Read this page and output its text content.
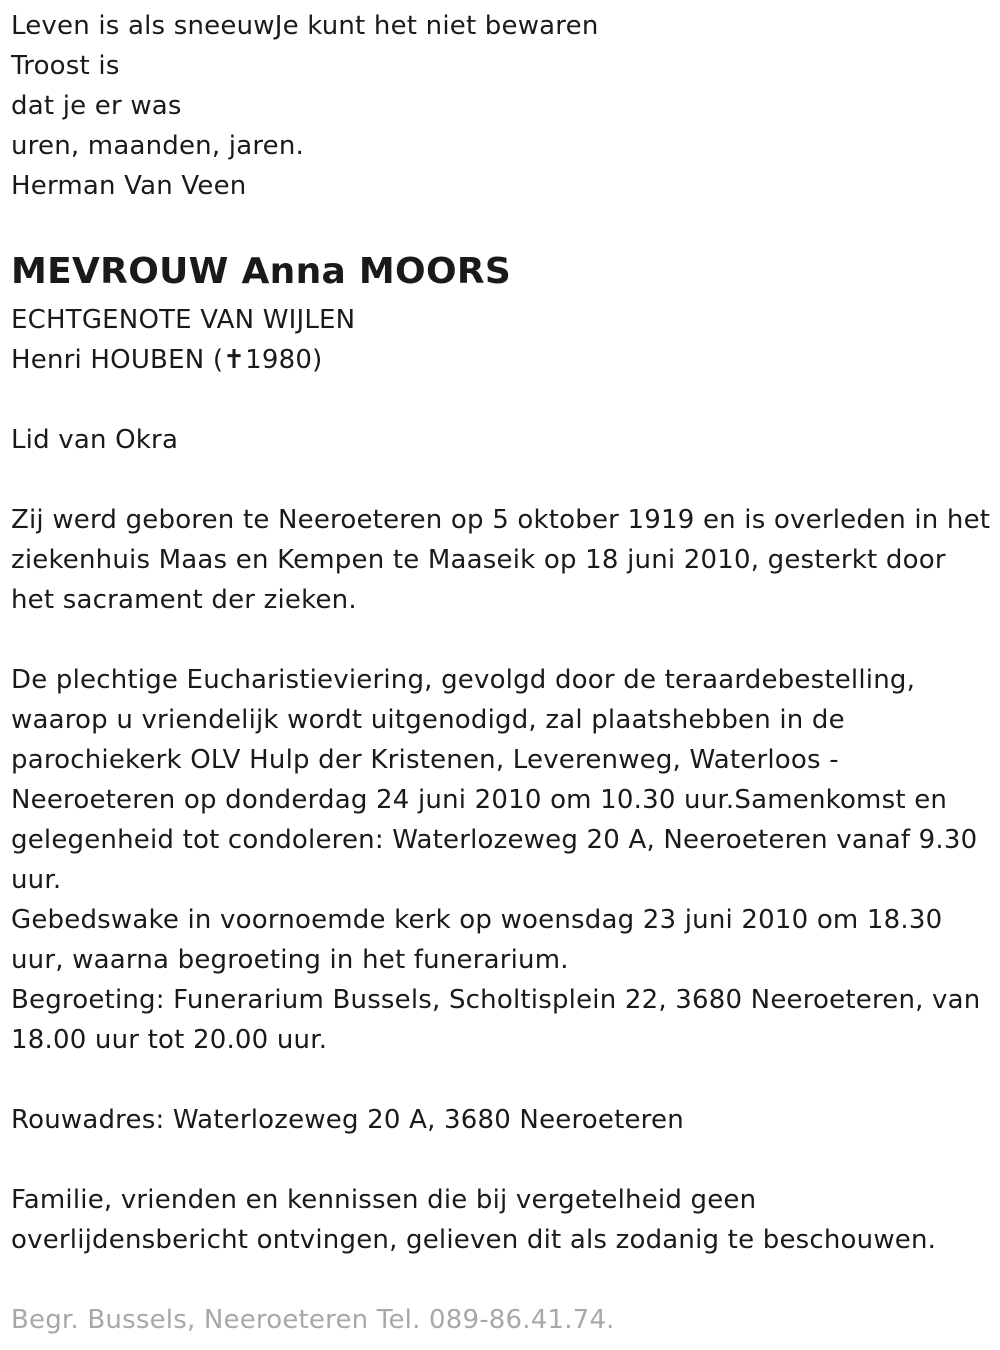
Leven is als sneeuwJe kunt het niet bewaren
Troost is
dat je er was
uren, maanden, jaren.
Herman Van Veen
MEVROUW Anna MOORS
ECHTGENOTE VAN WIJLEN
Henri HOUBEN (✝1980)
Lid van Okra
Zij werd geboren te Neeroeteren op 5 oktober 1919 en is overleden in het
ziekenhuis Maas en Kempen te Maaseik op 18 juni 2010, gesterkt door
het sacrament der zieken.
De plechtige Eucharistieviering, gevolgd door de teraardebestelling,
waarop u vriendelijk wordt uitgenodigd, zal plaatshebben in de
parochiekerk OLV Hulp der Kristenen, Leverenweg, Waterloos -
Neeroeteren op donderdag 24 juni 2010 om 10.30 uur.Samenkomst en
gelegenheid tot condoleren: Waterlozeweg 20 A, Neeroeteren vanaf 9.30
uur.
Gebedswake in voornoemde kerk op woensdag 23 juni 2010 om 18.30
uur, waarna begroeting in het funerarium.
Begroeting: Funerarium Bussels, Scholtisplein 22, 3680 Neeroeteren, van
18.00 uur tot 20.00 uur.
Rouwadres: Waterlozeweg 20 A, 3680 Neeroeteren
Familie, vrienden en kennissen die bij vergetelheid geen
overlijdensbericht ontvingen, gelieven dit als zodanig te beschouwen.
Begr. Bussels, Neeroeteren Tel. 089-86.41.74.
